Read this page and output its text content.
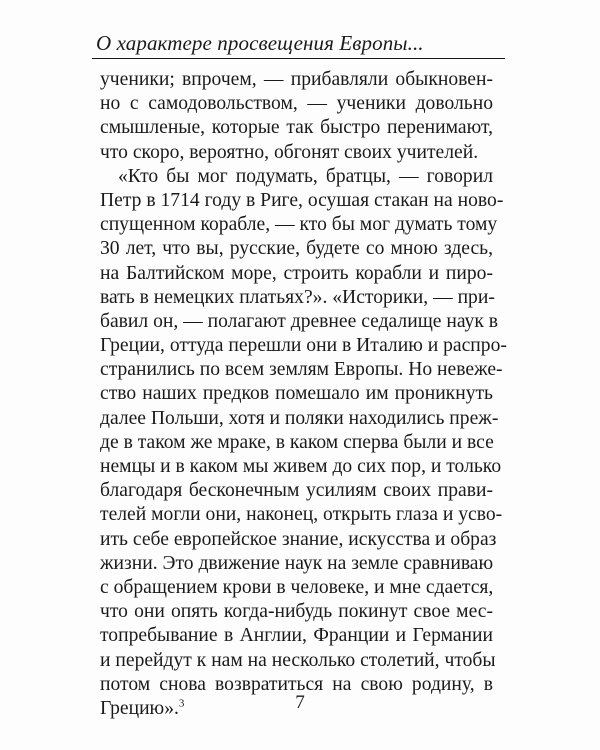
О характере просвещения Европы...
ученики; впрочем, — прибавляли обыкновен-
но с самодовольством, — ученики довольно
смышленые, которые так быстро перенимают,
что скоро, вероятно, обгонят своих учителей.
«Кто бы мог подумать, братцы, — говорил
Петр в 1714 году в Риге, осушая стакан на ново-
спущенном корабле, — кто бы мог думать тому
30 лет, что вы, русские, будете со мною здесь,
на Балтийском море, строить корабли и пиро-
вать в немецких платьях?». «Историки, — при-
бавил он, — полагают древнее седалище наук в
Греции, оттуда перешли они в Италию и распро-
странились по всем землям Европы. Но невеже-
ство наших предков помешало им проникнуть
далее Польши, хотя и поляки находились преж-
де в таком же мраке, в каком сперва были и все
немцы и в каком мы живем до сих пор, и только
благодаря бесконечным усилиям своих прави-
телей могли они, наконец, открыть глаза и усво-
ить себе европейское знание, искусства и образ
жизни. Это движение наук на земле сравниваю
с обращением крови в человеке, и мне сдается,
что они опять когда-нибудь покинут свое мес-
топребывание в Англии, Франции и Германии
и перейдут к нам на несколько столетий, чтобы
потом снова возвратиться на свою родину, в
Грецию».$^3$	7
